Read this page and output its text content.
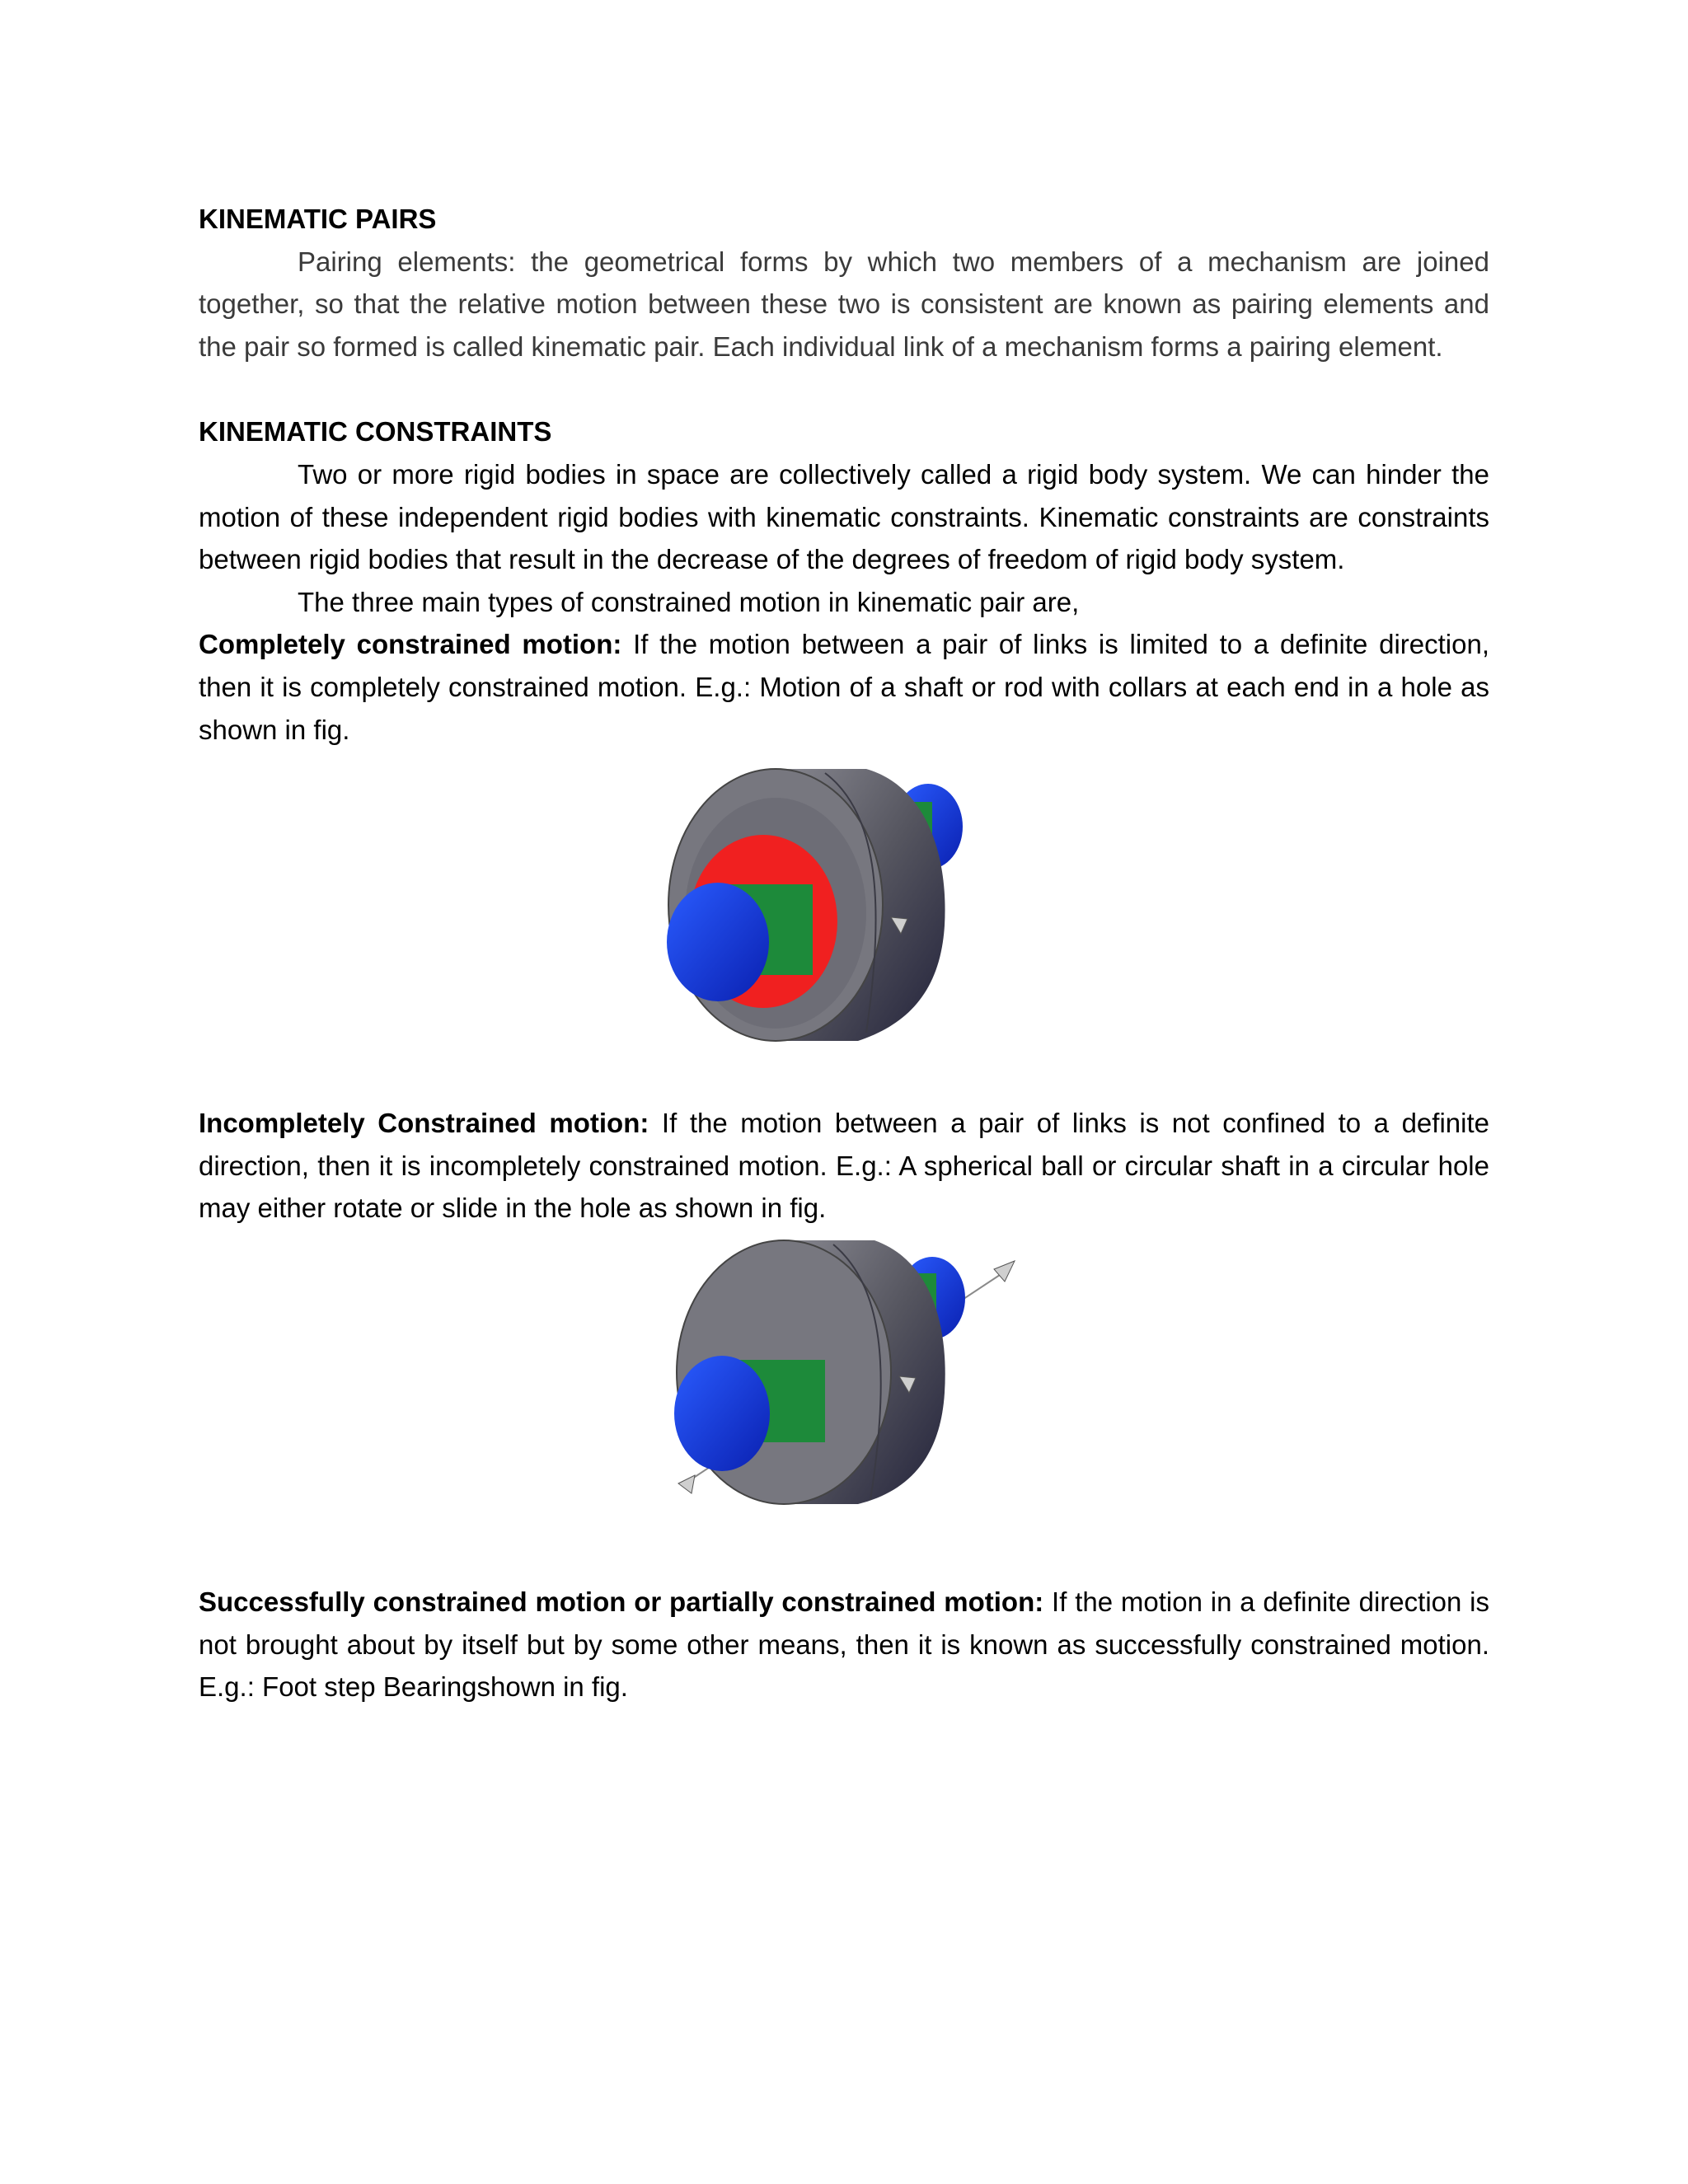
KINEMATIC PAIRS

Pairing elements: the geometrical forms by which two members of a mechanism are joined together, so that the relative motion between these two is consistent are known as pairing elements and the pair so formed is called kinematic pair. Each individual link of a mechanism forms a pairing element.

KINEMATIC CONSTRAINTS

Two or more rigid bodies in space are collectively called a rigid body system. We can hinder the motion of these independent rigid bodies with kinematic constraints. Kinematic constraints are constraints between rigid bodies that result in the decrease of the degrees of freedom of rigid body system.

The three main types of constrained motion in kinematic pair are,

Completely constrained motion: If the motion between a pair of links is limited to a definite direction, then it is completely constrained motion. E.g.: Motion of a shaft or rod with collars at each end in a hole as shown in fig.

Incompletely Constrained motion: If the motion between a pair of links is not confined to a definite direction, then it is incompletely constrained motion. E.g.: A spherical ball or circular shaft in a circular hole may either rotate or slide in the hole as shown in fig.

Successfully constrained motion or partially constrained motion: If the motion in a definite direction is not brought about by itself but by some other means, then it is known as successfully constrained motion. E.g.: Foot step Bearingshown in fig.
